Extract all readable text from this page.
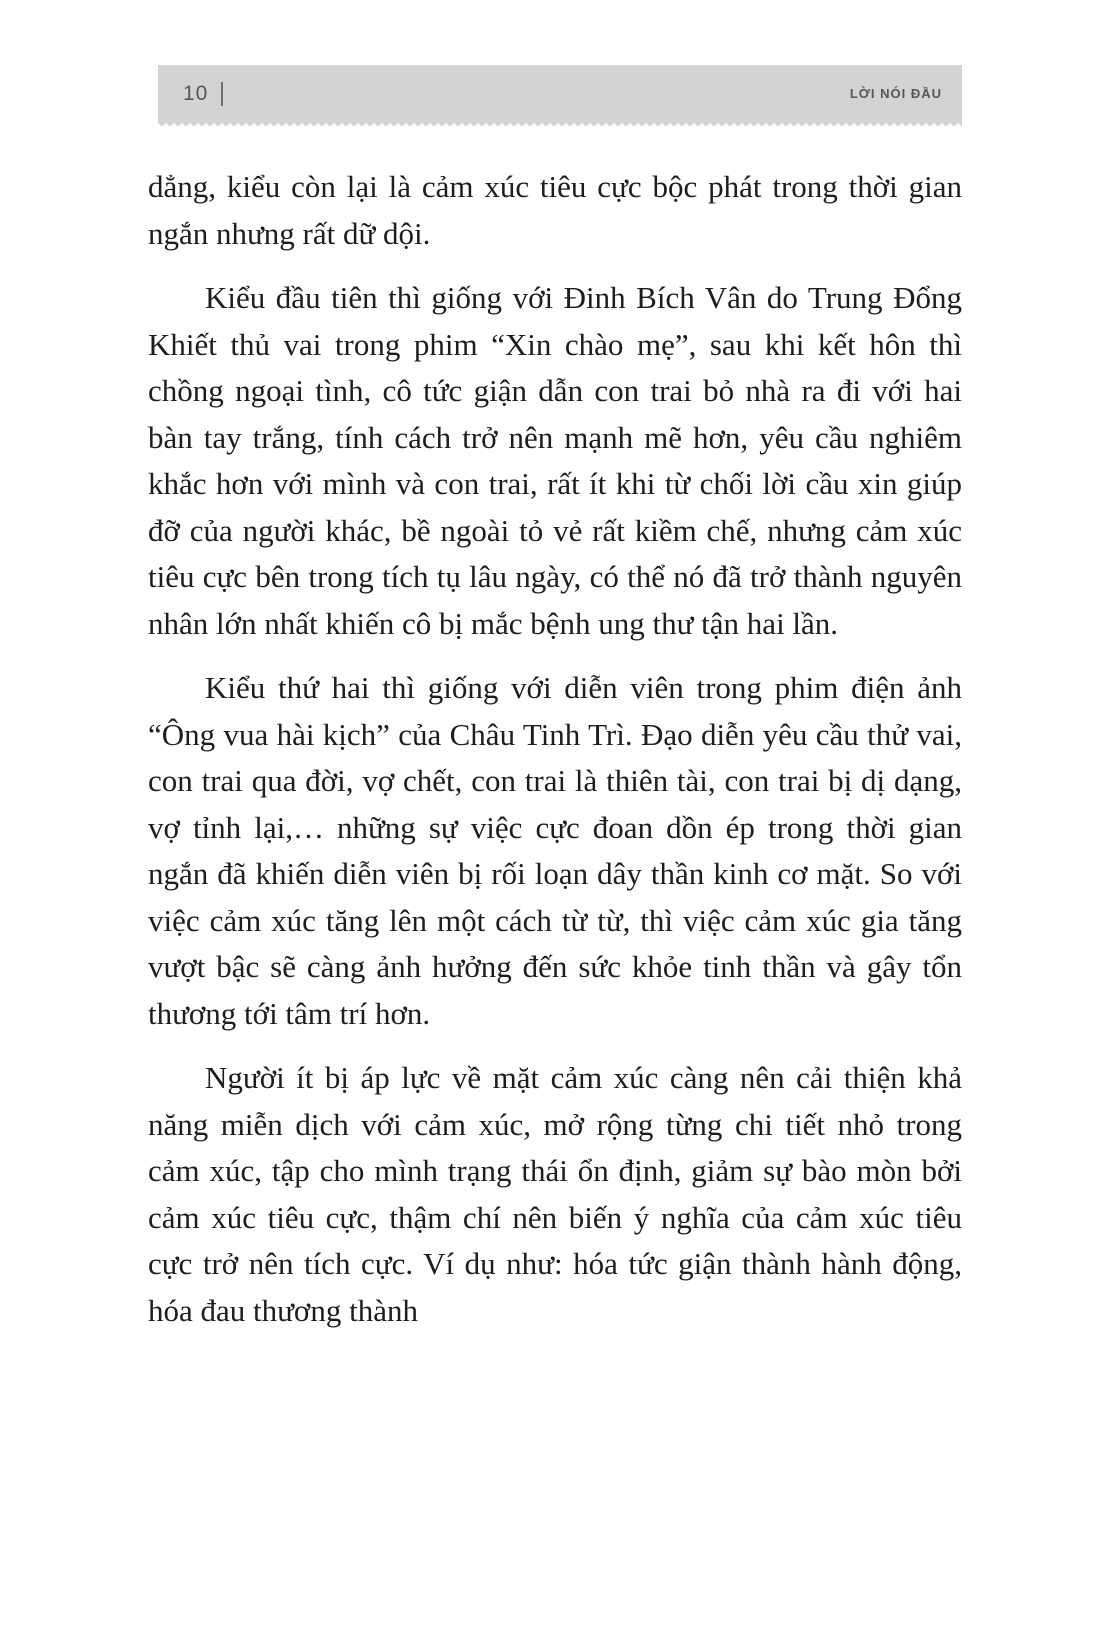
10	LỜI NÓI ĐẦU

dẳng, kiểu còn lại là cảm xúc tiêu cực bộc phát trong thời gian ngắn nhưng rất dữ dội.

Kiểu đầu tiên thì giống với Đinh Bích Vân do Trung Đổng Khiết thủ vai trong phim “Xin chào mẹ”, sau khi kết hôn thì chồng ngoại tình, cô tức giận dẫn con trai bỏ nhà ra đi với hai bàn tay trắng, tính cách trở nên mạnh mẽ hơn, yêu cầu nghiêm khắc hơn với mình và con trai, rất ít khi từ chối lời cầu xin giúp đỡ của người khác, bề ngoài tỏ vẻ rất kiềm chế, nhưng cảm xúc tiêu cực bên trong tích tụ lâu ngày, có thể nó đã trở thành nguyên nhân lớn nhất khiến cô bị mắc bệnh ung thư tận hai lần.

Kiểu thứ hai thì giống với diễn viên trong phim điện ảnh “Ông vua hài kịch” của Châu Tinh Trì. Đạo diễn yêu cầu thử vai, con trai qua đời, vợ chết, con trai là thiên tài, con trai bị dị dạng, vợ tỉnh lại,… những sự việc cực đoan dồn ép trong thời gian ngắn đã khiến diễn viên bị rối loạn dây thần kinh cơ mặt. So với việc cảm xúc tăng lên một cách từ từ, thì việc cảm xúc gia tăng vượt bậc sẽ càng ảnh hưởng đến sức khỏe tinh thần và gây tổn thương tới tâm trí hơn.

Người ít bị áp lực về mặt cảm xúc càng nên cải thiện khả năng miễn dịch với cảm xúc, mở rộng từng chi tiết nhỏ trong cảm xúc, tập cho mình trạng thái ổn định, giảm sự bào mòn bởi cảm xúc tiêu cực, thậm chí nên biến ý nghĩa của cảm xúc tiêu cực trở nên tích cực. Ví dụ như: hóa tức giận thành hành động, hóa đau thương thành
